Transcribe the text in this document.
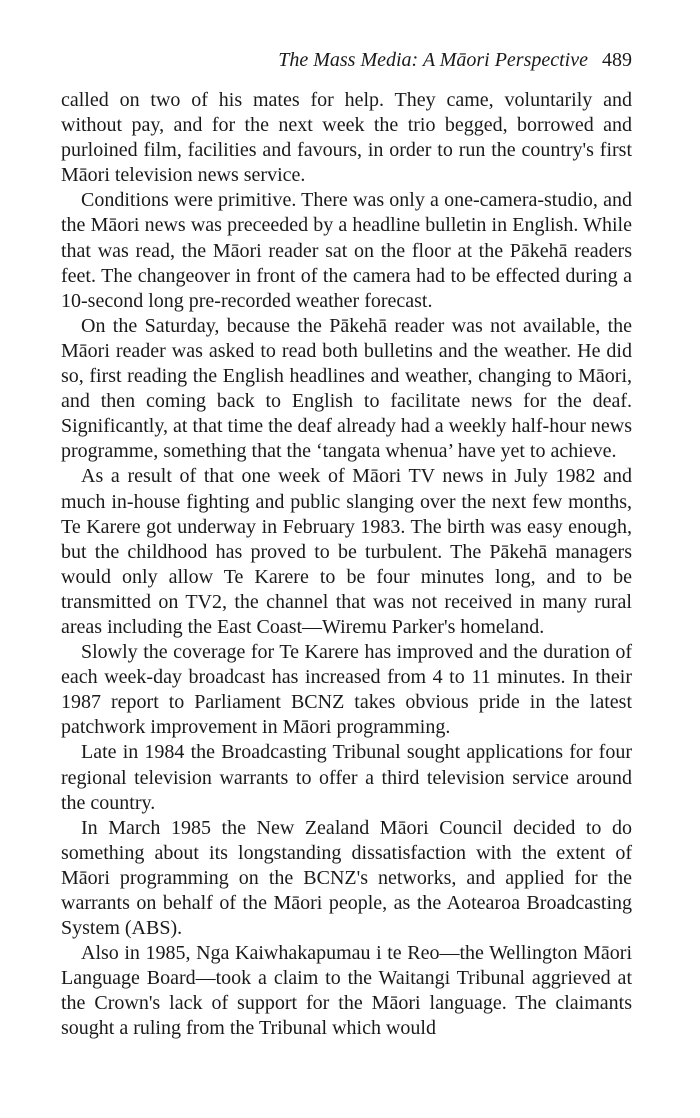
The Mass Media: A Māori Perspective 489

called on two of his mates for help. They came, voluntarily and without pay, and for the next week the trio begged, borrowed and purloined film, facilities and favours, in order to run the country's first Māori television news service.

Conditions were primitive. There was only a one-camera-studio, and the Māori news was preceeded by a headline bulletin in English. While that was read, the Māori reader sat on the floor at the Pākehā readers feet. The changeover in front of the camera had to be effected during a 10-second long pre-recorded weather forecast.

On the Saturday, because the Pākehā reader was not available, the Māori reader was asked to read both bulletins and the weather. He did so, first reading the English headlines and weather, changing to Māori, and then coming back to English to facilitate news for the deaf. Significantly, at that time the deaf already had a weekly half-hour news programme, something that the ‘tangata whenua’ have yet to achieve.

As a result of that one week of Māori TV news in July 1982 and much in-house fighting and public slanging over the next few months, Te Karere got underway in February 1983. The birth was easy enough, but the childhood has proved to be turbulent. The Pākehā managers would only allow Te Karere to be four minutes long, and to be transmitted on TV2, the channel that was not received in many rural areas including the East Coast—Wiremu Parker's homeland.

Slowly the coverage for Te Karere has improved and the duration of each week-day broadcast has increased from 4 to 11 minutes. In their 1987 report to Parliament BCNZ takes obvious pride in the latest patchwork improvement in Māori programming.

Late in 1984 the Broadcasting Tribunal sought applications for four regional television warrants to offer a third television service around the country.

In March 1985 the New Zealand Māori Council decided to do something about its longstanding dissatisfaction with the extent of Māori programming on the BCNZ's networks, and applied for the warrants on behalf of the Māori people, as the Aotearoa Broadcasting System (ABS).

Also in 1985, Nga Kaiwhakapumau i te Reo—the Wellington Māori Language Board—took a claim to the Waitangi Tribunal aggrieved at the Crown's lack of support for the Māori language. The claimants sought a ruling from the Tribunal which would
